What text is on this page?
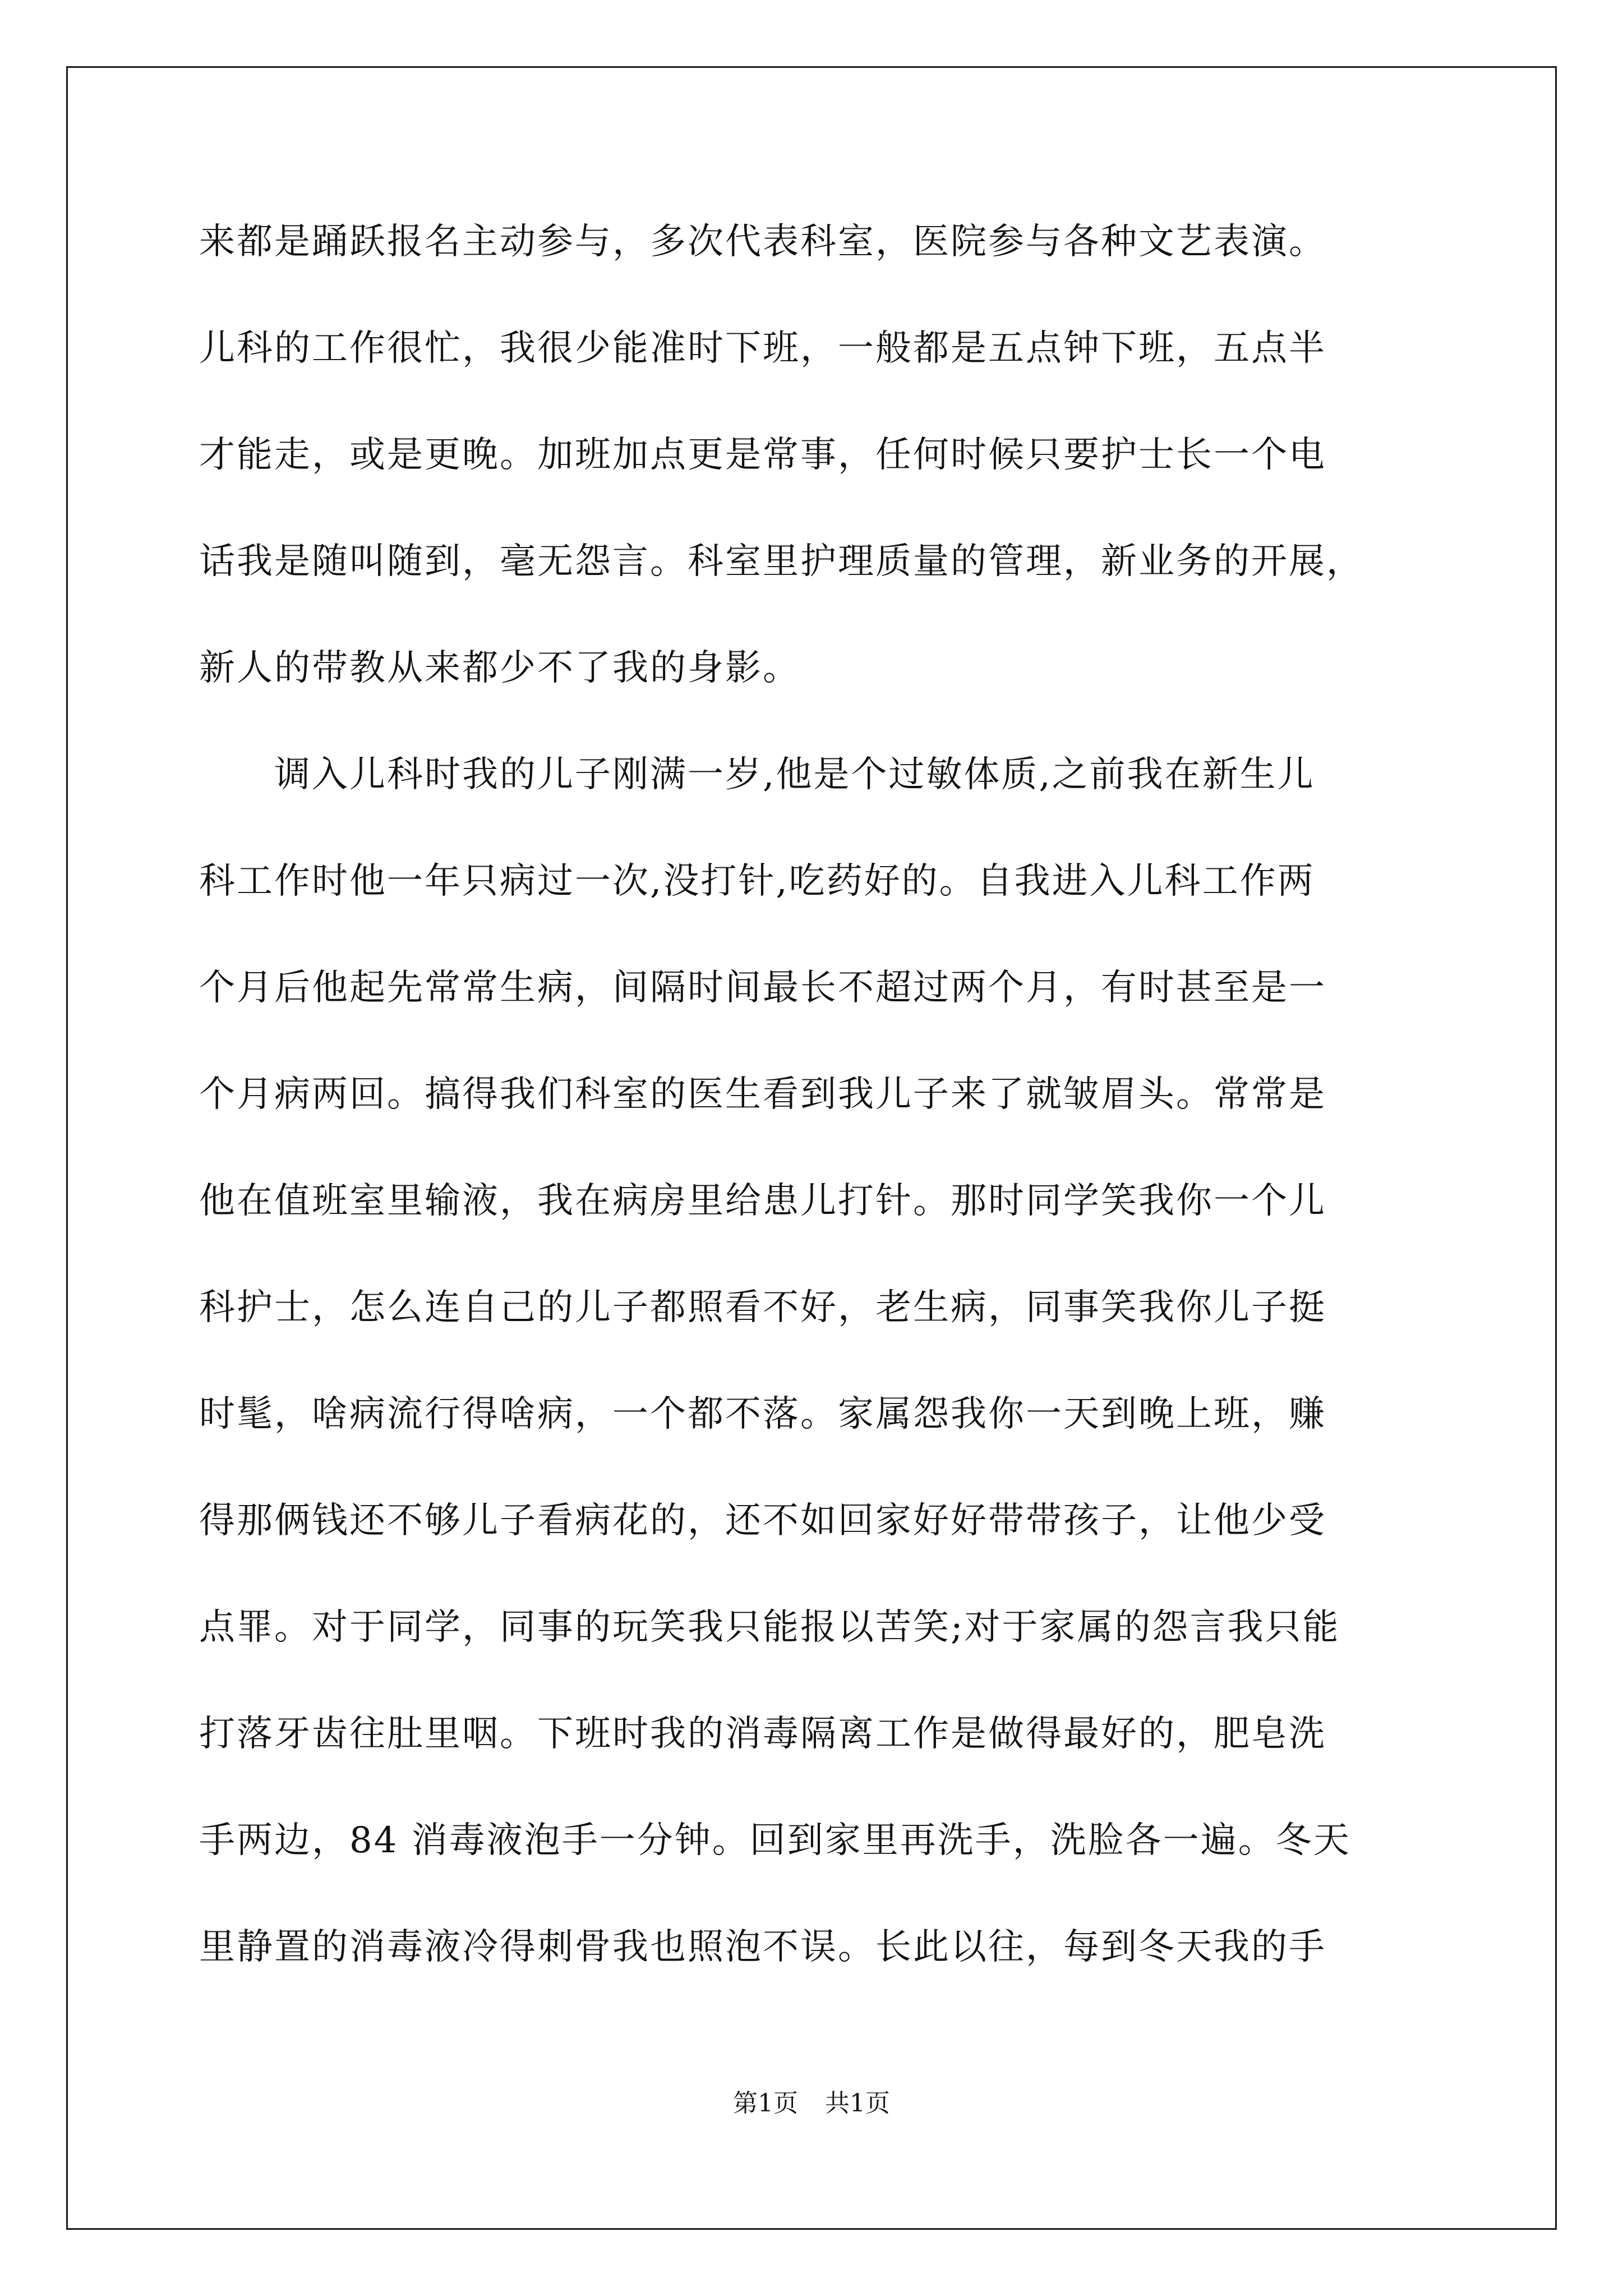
来都是踊跃报名主动参与，多次代表科室，医院参与各种文艺表演。
儿科的工作很忙，我很少能准时下班，一般都是五点钟下班，五点半
才能走，或是更晚。加班加点更是常事，任何时候只要护士长一个电
话我是随叫随到，毫无怨言。科室里护理质量的管理，新业务的开展，
新人的带教从来都少不了我的身影。
　　调入儿科时我的儿子刚满一岁,他是个过敏体质,之前我在新生儿
科工作时他一年只病过一次,没打针,吃药好的。自我进入儿科工作两
个月后他起先常常生病，间隔时间最长不超过两个月，有时甚至是一
个月病两回。搞得我们科室的医生看到我儿子来了就皱眉头。常常是
他在值班室里输液，我在病房里给患儿打针。那时同学笑我你一个儿
科护士，怎么连自己的儿子都照看不好，老生病，同事笑我你儿子挺
时髦，啥病流行得啥病，一个都不落。家属怨我你一天到晚上班，赚
得那俩钱还不够儿子看病花的，还不如回家好好带带孩子，让他少受
点罪。对于同学，同事的玩笑我只能报以苦笑;对于家属的怨言我只能
打落牙齿往肚里咽。下班时我的消毒隔离工作是做得最好的，肥皂洗
手两边，84 消毒液泡手一分钟。回到家里再洗手，洗脸各一遍。冬天
里静置的消毒液冷得刺骨我也照泡不误。长此以往，每到冬天我的手
第1页 共1页
